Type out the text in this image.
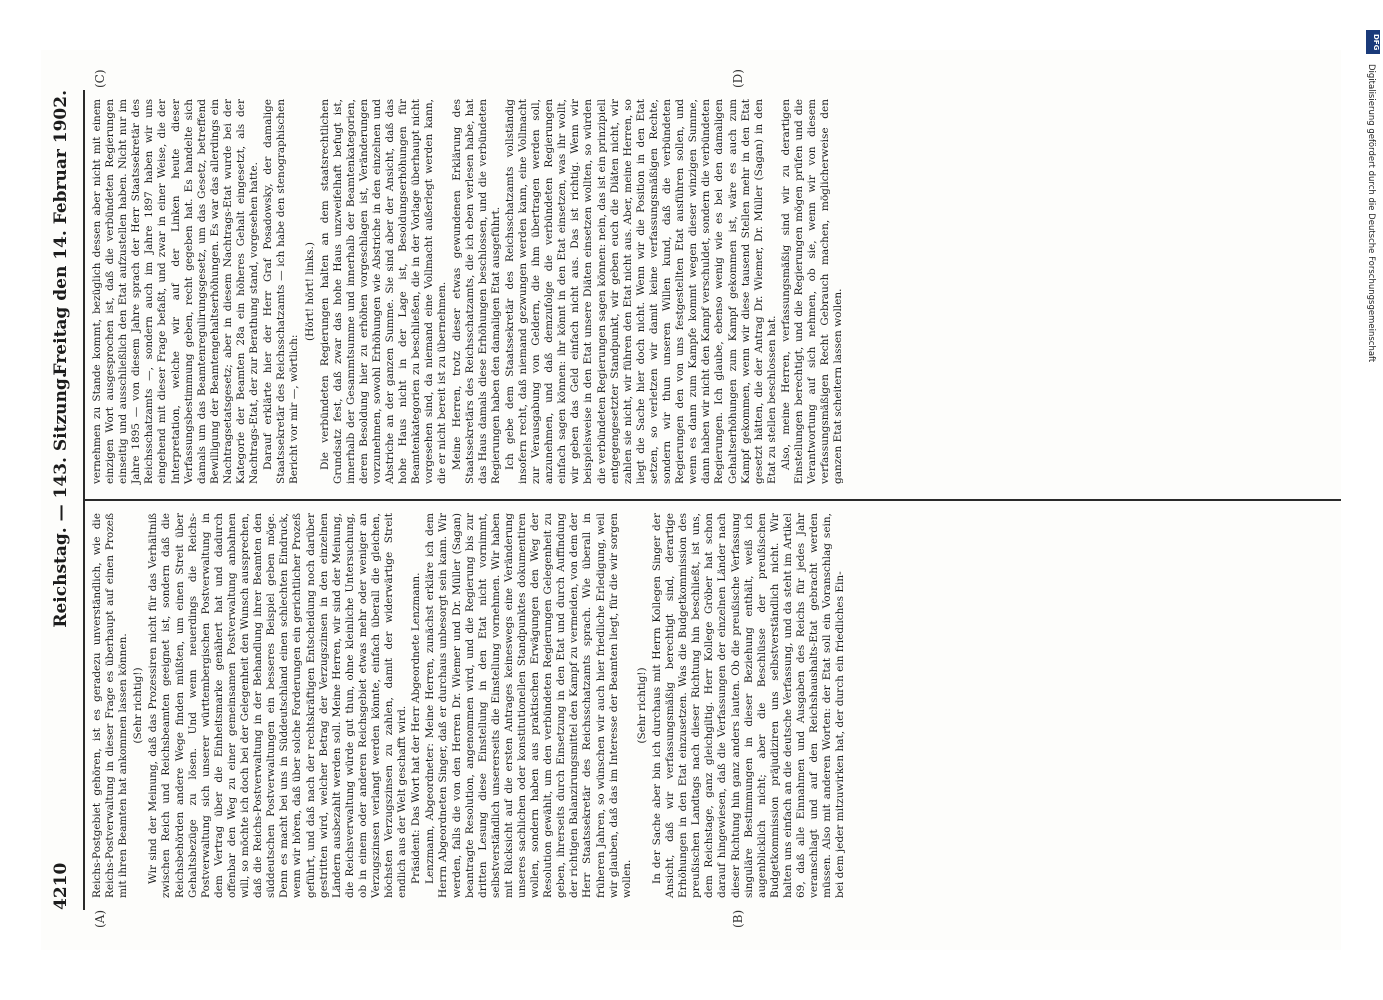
4210
Reichstag. — 143. Sitzung.
Freitag den 14. Februar 1902.
(A)	(B)
(C)	(D)

Reichs-Postgebiet gehören, ist es geradezu unverständlich, wie die Reichs-Postverwaltung in dieser Frage es überhaupt auf einen Prozeß mit ihren Beamten hat ankommen lassen können. (Sehr richtig!) Wir sind der Meinung, daß das Prozessiren nicht für das Verhältniß zwischen Reich und Reichsbeamten geeignet ist, sondern daß die Reichsbehörden andere Wege finden müßten, um einen Streit über Gehaltsbezüge zu lösen. Und wenn neuerdings die Reichs-Postverwaltung sich unserer württembergischen Postverwaltung in dem Vertrag über die Einheitsmarke genähert hat und dadurch offenbar den Weg zu einer gemeinsamen Postverwaltung anbahnen will, so möchte ich doch bei der Gelegenheit den Wunsch aussprechen, daß die Reichs-Postverwaltung in der Behandlung ihrer Beamten den süddeutschen Postverwaltungen ein besseres Beispiel geben möge. Denn es macht bei uns in Süddeutschland einen schlechten Eindruck, wenn wir hören, daß über solche Forderungen ein gerichtlicher Prozeß geführt, und daß nach der rechtskräftigen Entscheidung noch darüber gestritten wird, welcher Betrag der Verzugszinsen in den einzelnen Ländern ausbezahlt werden soll. Meine Herren, wir sind der Meinung, die Reichsverwaltung würde gut thun, ohne kleinliche Untersuchung, ob in einem oder anderen Reichsgebiet etwas mehr oder weniger an Verzugszinsen verlangt werden könnte, einfach überall die gleichen, höchsten Verzugszinsen zu zahlen, damit der widerwärtige Streit endlich aus der Welt geschafft wird. Präsident: Das Wort hat der Herr Abgeordnete Lenzmann. Lenzmann, Abgeordneter: Meine Herren, zunächst erkläre ich dem Herrn Abgeordneten Singer, daß er durchaus unbesorgt sein kann. Wir werden, falls die von den Herren Dr. Wiemer und Dr. Müller (Sagan) beantragte Resolution, angenommen wird, und die Regierung bis zur dritten Lesung diese Einstellung in den Etat nicht vornimmt, selbstverständlich unsererseits die Einstellung vornehmen. Wir haben mit Rücksicht auf die ersten Antrages keineswegs eine Veränderung unseres sachlichen oder konstitutionellen Standpunktes dokumentiren wollen, sondern haben aus praktischen Erwägungen den Weg der Resolution gewählt, um den verbündeten Regierungen Gelegenheit zu geben, ihrerseits durch Einsetzung in den Etat und durch Auffindung der richtigen Balanzirungsmittel den Kampf zu vermeiden, von dem der Herr Staatssekretär des Reichsschatzamts sprach. Wie überall in früheren Jahren, so wünschen wir auch hier friedliche Erledigung, weil wir glauben, daß das im Interesse der Beamten liegt, für die wir sorgen wollen.

(Sehr richtig!) In der Sache aber bin ich durchaus mit Herrn Kollegen Singer der Ansicht, daß wir verfassungsmäßig berechtigt sind, derartige Erhöhungen in den Etat einzusetzen. Was die Budgetkommission des preußischen Landtags nach dieser Richtung hin beschließt, ist uns, dem Reichstage, ganz gleichgiltig. Herr Kollege Gröber hat schon darauf hingewiesen, daß die Verfassungen der einzelnen Länder nach dieser Richtung hin ganz anders lauten. Ob die preußische Verfassung singuläre Bestimmungen in dieser Beziehung enthält, weiß ich augenblicklich nicht; aber die Beschlüsse der preußischen Budgetkommission präjudiziren uns selbstverständlich nicht. Wir halten uns einfach an die deutsche Verfassung, und da steht im Artikel 69, daß alle Einnahmen und Ausgaben des Reichs für jedes Jahr veranschlagt und auf den Reichshaushalts-Etat gebracht werden müssen. Also mit anderen Worten: der Etat soll ein Voranschlag sein, bei dem jeder mitzuwirken hat, der durch ein friedliches Ein-

vernehmen zu Stande kommt, bezüglich dessen aber nicht mit einem einzigen Wort ausgesprochen ist, daß die verbündeten Regierungen einseitig und ausschließlich den Etat aufzustellen haben. Nicht nur im Jahre 1895 — von diesem Jahre sprach der Herr Staatssekretär des Reichsschatzamts —, sondern auch im Jahre 1897 haben wir uns eingehend mit dieser Frage befaßt, und zwar in einer Weise, die der Interpretation, welche wir auf der Linken heute dieser Verfassungsbestimmung geben, recht gegeben hat. Es handelte sich damals um das Beamtenregulirungsgesetz, um das Gesetz, betreffend Bewilligung der Beamtengehaltserhöhungen. Es war das allerdings ein Nachtragsetatsgesetz; aber in diesem Nachtrags-Etat wurde bei der Kategorie der Beamten 28a ein höheres Gehalt eingesetzt, als der Nachtrags-Etat, der zur Berathung stand, vorgesehen hatte. Darauf erklärte hier der Herr Graf Posadowsky, der damalige Staatssekretär des Reichsschatzamts — ich habe den stenographischen Bericht vor mir —, wörtlich:

(Hört! hört! links.) Die verbündeten Regierungen halten an dem staatsrechtlichen Grundsatz fest, daß zwar das hohe Haus unzweifelhaft befugt ist, innerhalb der Gesammtsumme und innerhalb der Beamtenkategorien, deren Besoldung hier zu erhöhen vorgeschlagen ist, Veränderungen vorzunehmen, sowohl Erhöhungen wie Abstriche in den einzelnen und Abstriche an der ganzen Summe. Sie sind aber der Ansicht, daß das hohe Haus nicht in der Lage ist, Besoldungserhöhungen für Beamtenkategorien zu beschließen, die in der Vorlage überhaupt nicht vorgesehen sind, da niemand eine Vollmacht außerlegt werden kann, die er nicht bereit ist zu übernehmen. Meine Herren, trotz dieser etwas gewundenen Erklärung des Staatssekretärs des Reichsschatzamts, die ich eben verlesen habe, hat das Haus damals diese Erhöhungen beschlossen, und die verbündeten Regierungen haben den damaligen Etat ausgeführt. Ich gebe dem Staatssekretär des Reichsschatzamts vollständig insofern recht, daß niemand gezwungen werden kann, eine Vollmacht zur Verausgabung von Geldern, die ihm übertragen werden soll, anzunehmen, und daß demzufolge die verbündeten Regierungen einfach sagen können: ihr könnt in den Etat einsetzen, was ihr wollt, wir geben das Geld einfach nicht aus. Das ist richtig. Wenn wir beispielsweise in den Etat unsere Diäten einsetzen wollten, so würden die verbündeten Regierungen sagen können: nein, das ist ein prinzipiell entgegengesetzter Standpunkt, wir geben euch die Diäten nicht, wir zahlen sie nicht, wir führen den Etat nicht aus. Aber, meine Herren, so liegt die Sache hier doch nicht. Wenn wir die Position in den Etat setzen, so verletzen wir damit keine verfassungsmäßigen Rechte, sondern wir thun unseren Willen kund, daß die verbündeten Regierungen den von uns festgestellten Etat ausführen sollen, und wenn es dann zum Kampfe kommt wegen dieser winzigen Summe, dann haben wir nicht den Kampf verschuldet, sondern die verbündeten Regierungen. Ich glaube, ebenso wenig wie es bei den damaligen Gehaltserhöhungen zum Kampf gekommen ist, wäre es auch zum Kampf gekommen, wenn wir diese tausend Stellen mehr in den Etat gesetzt hätten, die der Antrag Dr. Wiemer, Dr. Müller (Sagan) in den Etat zu stellen beschlossen hat. Also, meine Herren, verfassungsmäßig sind wir zu derartigen Einstellungen berechtigt, und die Regierungen mögen prüfen und die Verantwortung auf sich nehmen, ob sie, wenn wir von diesem verfassungsmäßigen Recht Gebrauch machen, möglicherweise den ganzen Etat scheitern lassen wollen.

DFG
Digitalisierung gefördert durch die Deutsche Forschungsgemeinschaft
